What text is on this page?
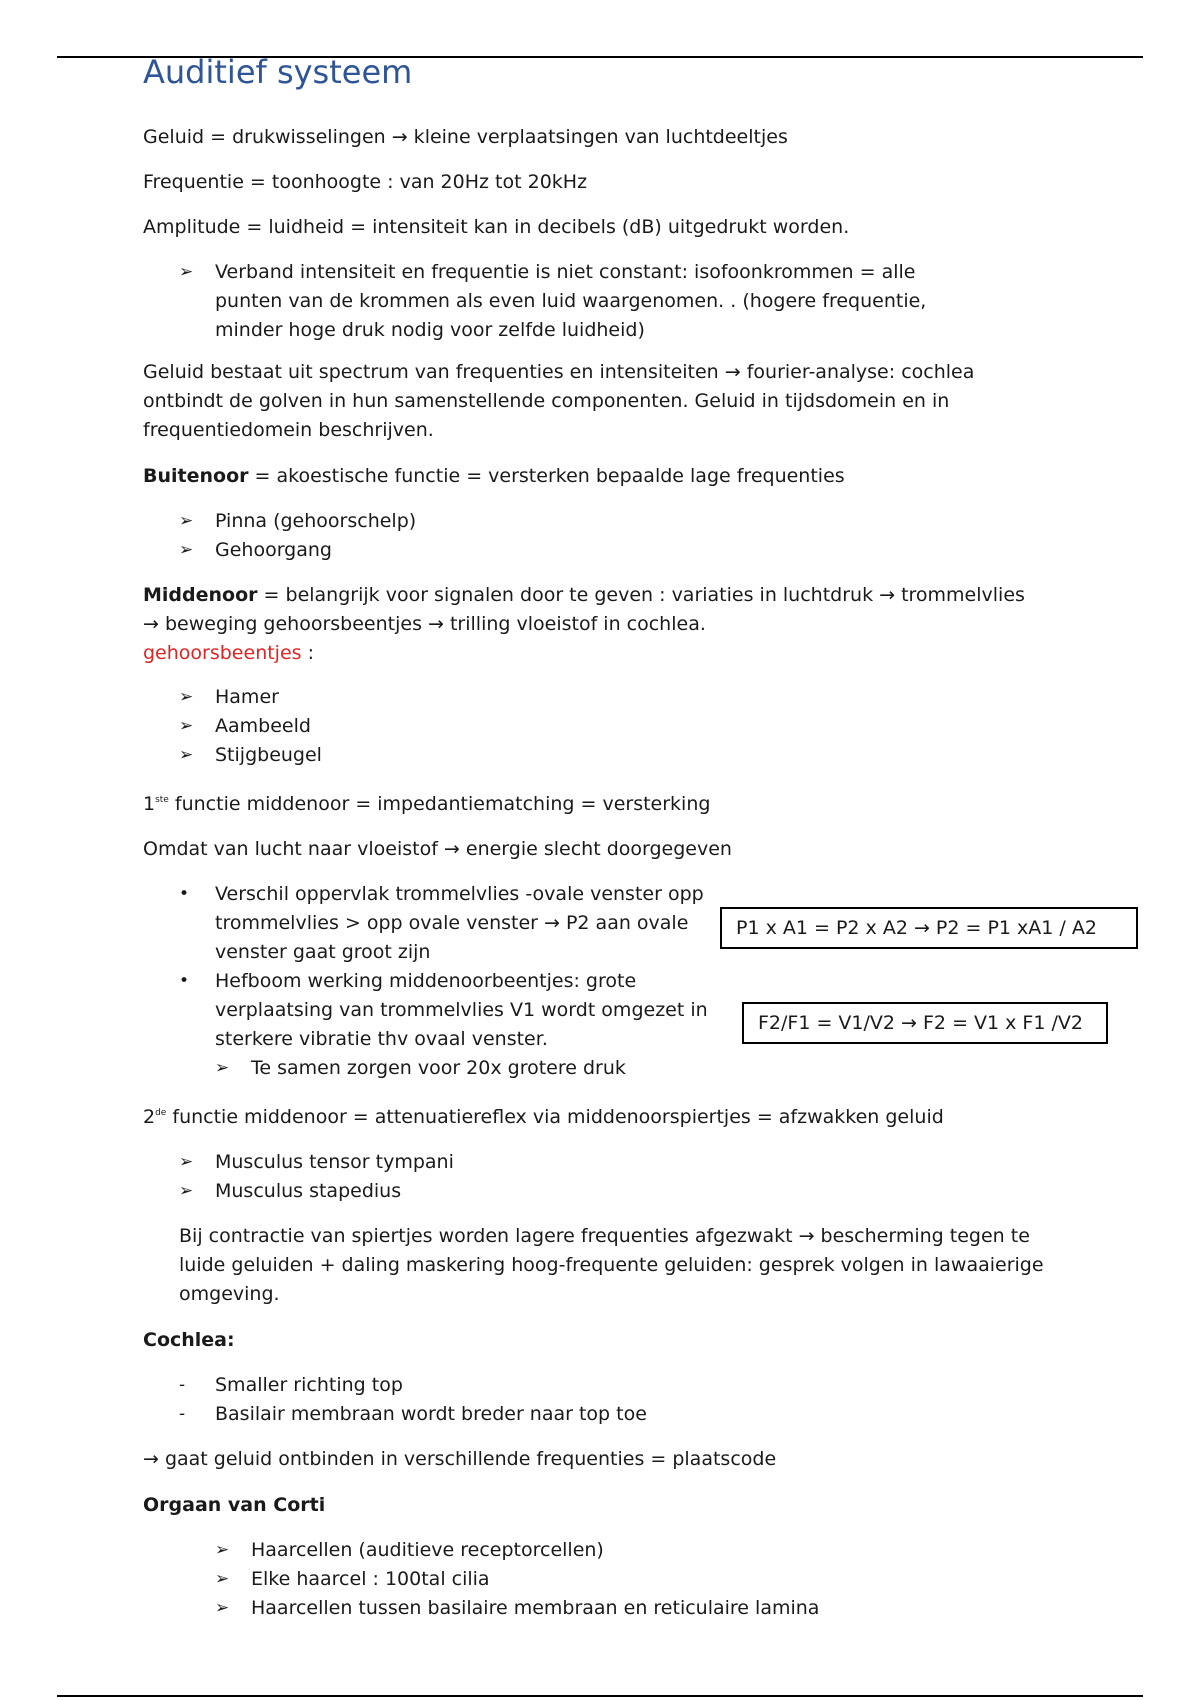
Auditief systeem

Geluid = drukwisselingen → kleine verplaatsingen van luchtdeeltjes

Frequentie = toonhoogte : van 20Hz tot 20kHz

Amplitude = luidheid = intensiteit kan in decibels (dB) uitgedrukt worden.

➢ Verband intensiteit en frequentie is niet constant: isofoonkrommen = alle punten van de krommen als even luid waargenomen. . (hogere frequentie, minder hoge druk nodig voor zelfde luidheid)

Geluid bestaat uit spectrum van frequenties en intensiteiten → fourier-analyse: cochlea ontbindt de golven in hun samenstellende componenten. Geluid in tijdsdomein en in frequentiedomein beschrijven.

Buitenoor = akoestische functie = versterken bepaalde lage frequenties

➢ Pinna (gehoorschelp)
➢ Gehoorgang

Middenoor = belangrijk voor signalen door te geven : variaties in luchtdruk → trommelvlies → beweging gehoorsbeentjes → trilling vloeistof in cochlea.

gehoorsbeentjes :

➢ Hamer
➢ Aambeeld
➢ Stijgbeugel

1ste functie middenoor = impedantiematching = versterking

Omdat van lucht naar vloeistof → energie slecht doorgegeven

• Verschil oppervlak trommelvlies -ovale venster opp trommelvlies > opp ovale venster → P2 aan ovale venster gaat groot zijn
• Hefboom werking middenoorbeentjes: grote verplaatsing van trommelvlies V1 wordt omgezet in sterkere vibratie thv ovaal venster.
➢ Te samen zorgen voor 20x grotere druk

2de functie middenoor = attenuatiereflex via middenoorspiertjes = afzwakken geluid

➢ Musculus tensor tympani
➢ Musculus stapedius

Bij contractie van spiertjes worden lagere frequenties afgezwakt → bescherming tegen te luide geluiden + daling maskering hoog-frequente geluiden: gesprek volgen in lawaaierige omgeving.

Cochlea:

- Smaller richting top
- Basilair membraan wordt breder naar top toe

→ gaat geluid ontbinden in verschillende frequenties = plaatscode

Orgaan van Corti

➢ Haarcellen (auditieve receptorcellen)
➢ Elke haarcel : 100tal cilia
➢ Haarcellen tussen basilaire membraan en reticulaire lamina
P1 x A1 = P2 x A2 → P2 = P1 xA1 / A2
F2/F1 = V1/V2 → F2 = V1 x F1 /V2
